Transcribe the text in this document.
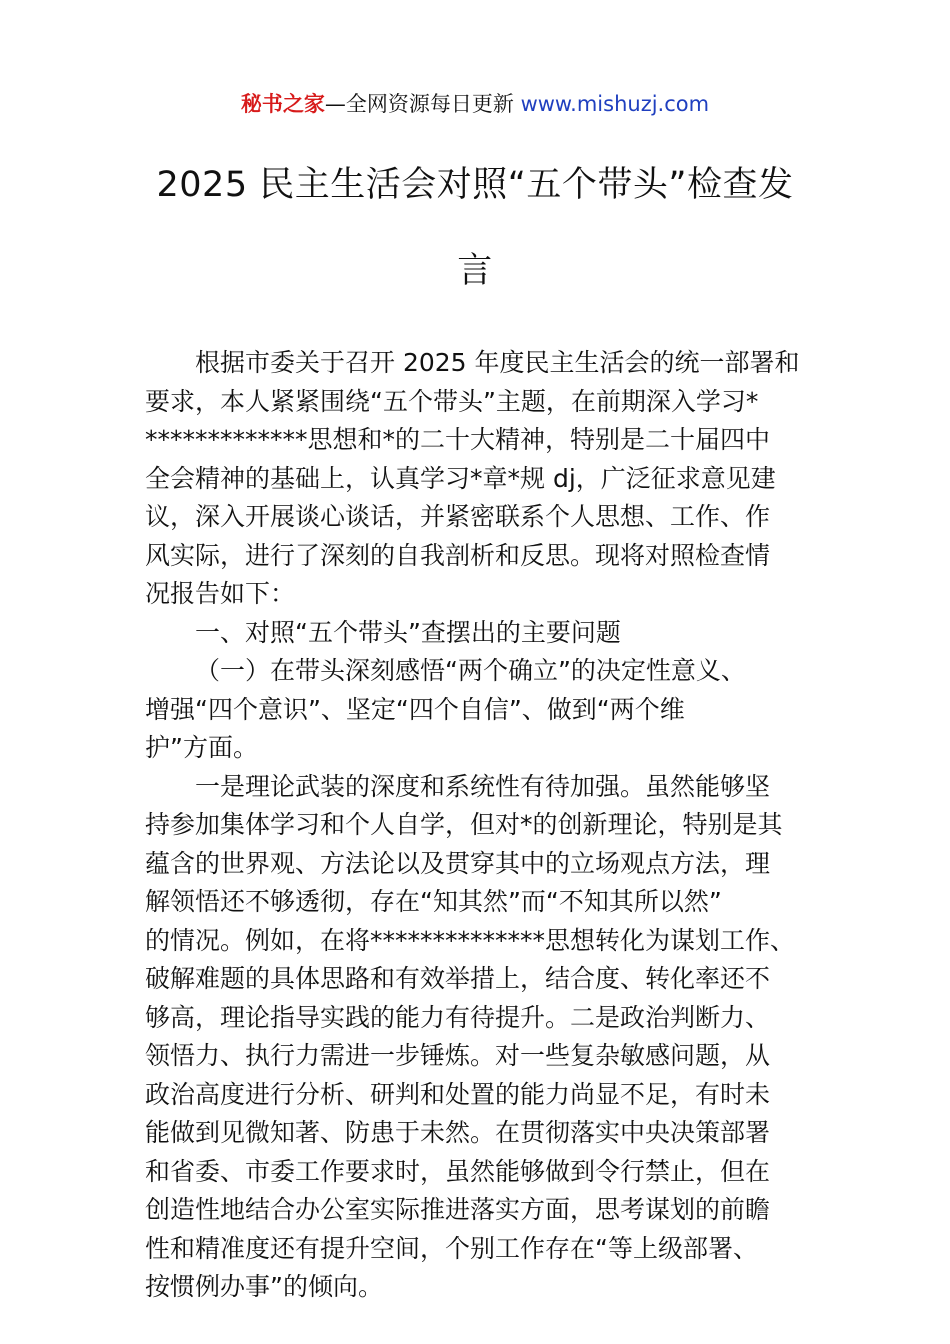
秘书之家—全网资源每日更新 www.mishuzj.com
2025 民主生活会对照“五个带头”检查发
言
根据市委关于召开 2025 年度民主生活会的统一部署和
要求，本人紧紧围绕“五个带头”主题，在前期深入学习*
*************思想和*的二十大精神，特别是二十届四中
全会精神的基础上，认真学习*章*规 dj，广泛征求意见建
议，深入开展谈心谈话，并紧密联系个人思想、工作、作
风实际，进行了深刻的自我剖析和反思。现将对照检查情
况报告如下：
一、对照“五个带头”查摆出的主要问题
（一）在带头深刻感悟“两个确立”的决定性意义、
增强“四个意识”、坚定“四个自信”、做到“两个维
护”方面。
一是理论武装的深度和系统性有待加强。虽然能够坚
持参加集体学习和个人自学，但对*的创新理论，特别是其
蕴含的世界观、方法论以及贯穿其中的立场观点方法，理
解领悟还不够透彻，存在“知其然”而“不知其所以然”
的情况。例如，在将**************思想转化为谋划工作、
破解难题的具体思路和有效举措上，结合度、转化率还不
够高，理论指导实践的能力有待提升。二是政治判断力、
领悟力、执行力需进一步锤炼。对一些复杂敏感问题，从
政治高度进行分析、研判和处置的能力尚显不足，有时未
能做到见微知著、防患于未然。在贯彻落实中央决策部署
和省委、市委工作要求时，虽然能够做到令行禁止，但在
创造性地结合办公室实际推进落实方面，思考谋划的前瞻
性和精准度还有提升空间，个别工作存在“等上级部署、
按惯例办事”的倾向。
